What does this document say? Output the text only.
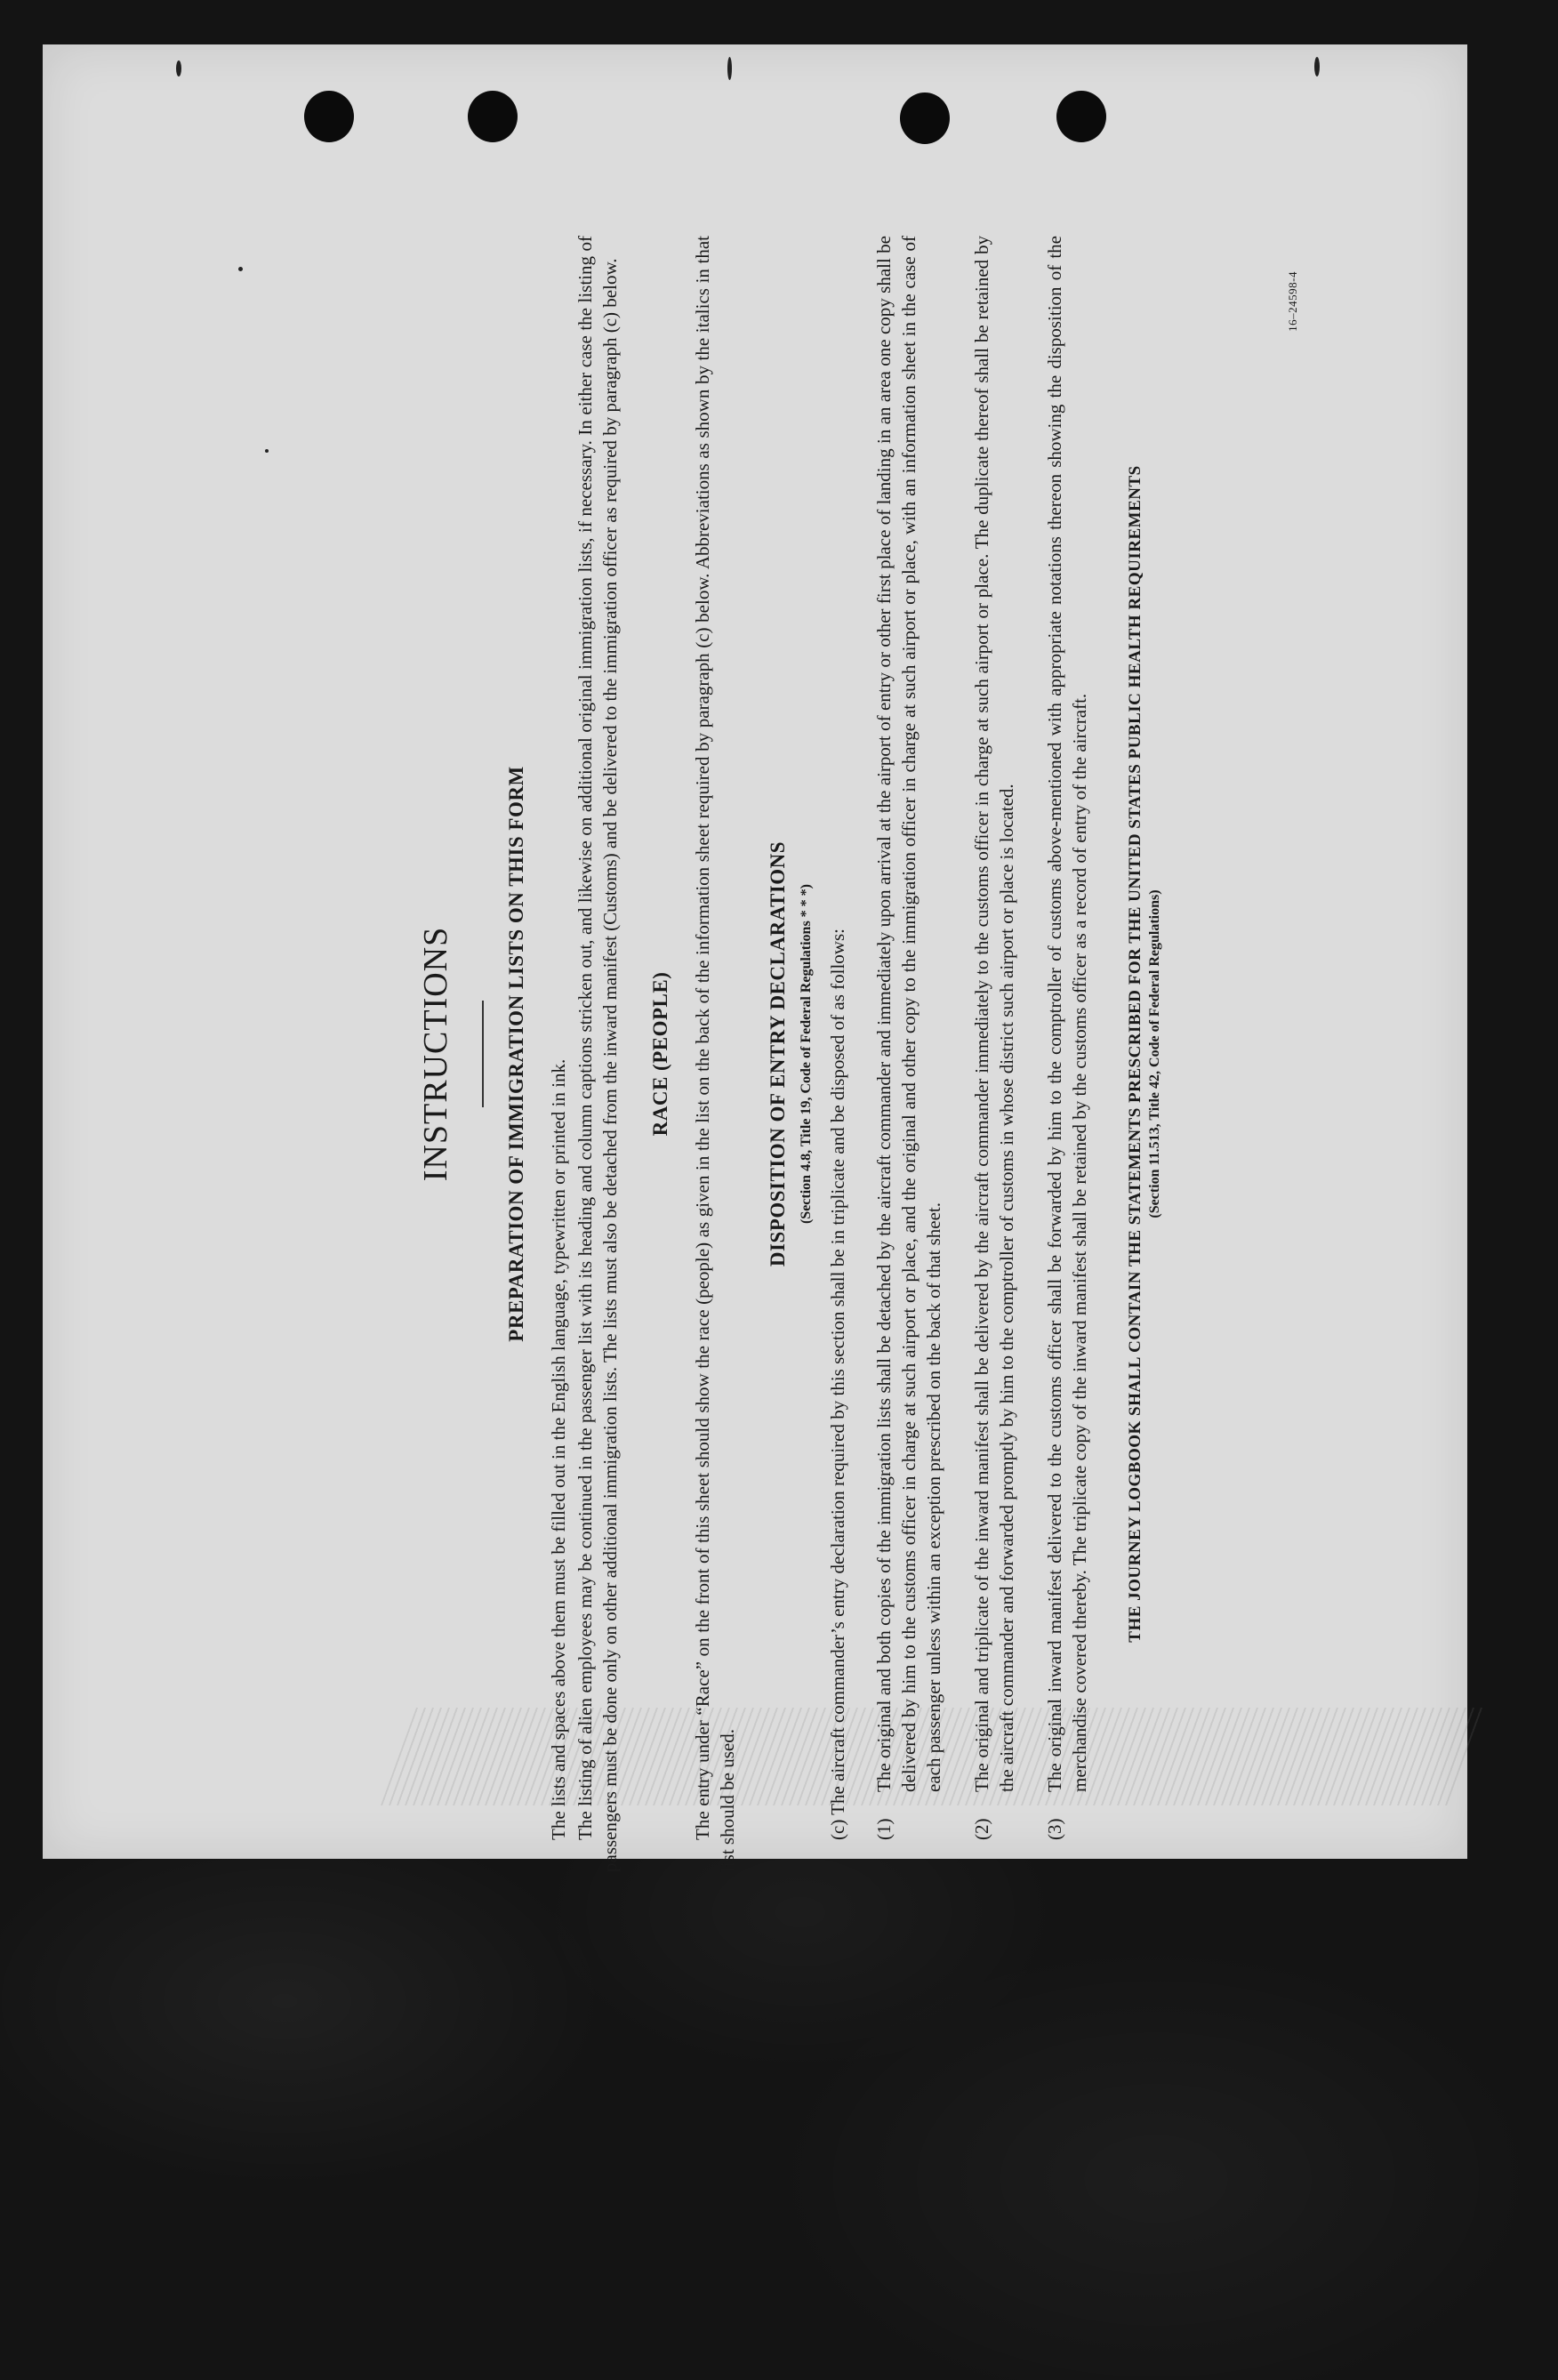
INSTRUCTIONS PREPARATION OF IMMIGRATION LISTS ON THIS FORM

The lists and spaces above them must be filled out in the English language, typewritten or printed in ink. The listing of alien employees may be continued in the passenger list with its heading and column captions stricken out, and likewise on additional original immigration lists, if necessary. In either case the listing of passengers must be done only on other additional immigration lists. The lists must also be detached from the inward manifest (Customs) and be delivered to the immigration officer as required by paragraph (c) below. RACE (PEOPLE) The entry under “Race” on the front of this sheet should show the race (people) as given in the list on the back of the information sheet required by paragraph (c) below. Abbreviations as shown by the italics in that list should be used.

DISPOSITION OF ENTRY DECLARATIONS (Section 4.8, Title 19, Code of Federal Regulations * * *) (c) The aircraft commander’s entry declaration required by this section shall be in triplicate and be disposed of as follows: (1)
The original and both copies of the immigration lists shall be detached by the aircraft commander and immediately upon arrival at the airport of entry or other first place of landing in an area one copy shall be delivered by him to the customs officer in charge at such airport or place, and the original and other copy to the immigration officer in charge at such airport or place, with an information sheet in the case of each passenger unless within an exception prescribed on the back of that sheet.
(2)
The original and triplicate of the inward manifest shall be delivered by the aircraft commander immediately to the customs officer in charge at such airport or place. The duplicate thereof shall be retained by the aircraft commander and forwarded promptly by him to the comptroller of customs in whose district such airport or place is located.
(3)
The original inward manifest delivered to the customs officer shall be forwarded by him to the comptroller of customs above-mentioned with appropriate notations thereon showing the disposition of the merchandise covered thereby. The triplicate copy of the inward manifest shall be retained by the customs officer as a record of entry of the aircraft. THE JOURNEY LOGBOOK SHALL CONTAIN THE STATEMENTS PRESCRIBED FOR THE UNITED STATES PUBLIC HEALTH REQUIREMENTS (Section 11.513, Title 42, Code of Federal Regulations)
16–24598-4
